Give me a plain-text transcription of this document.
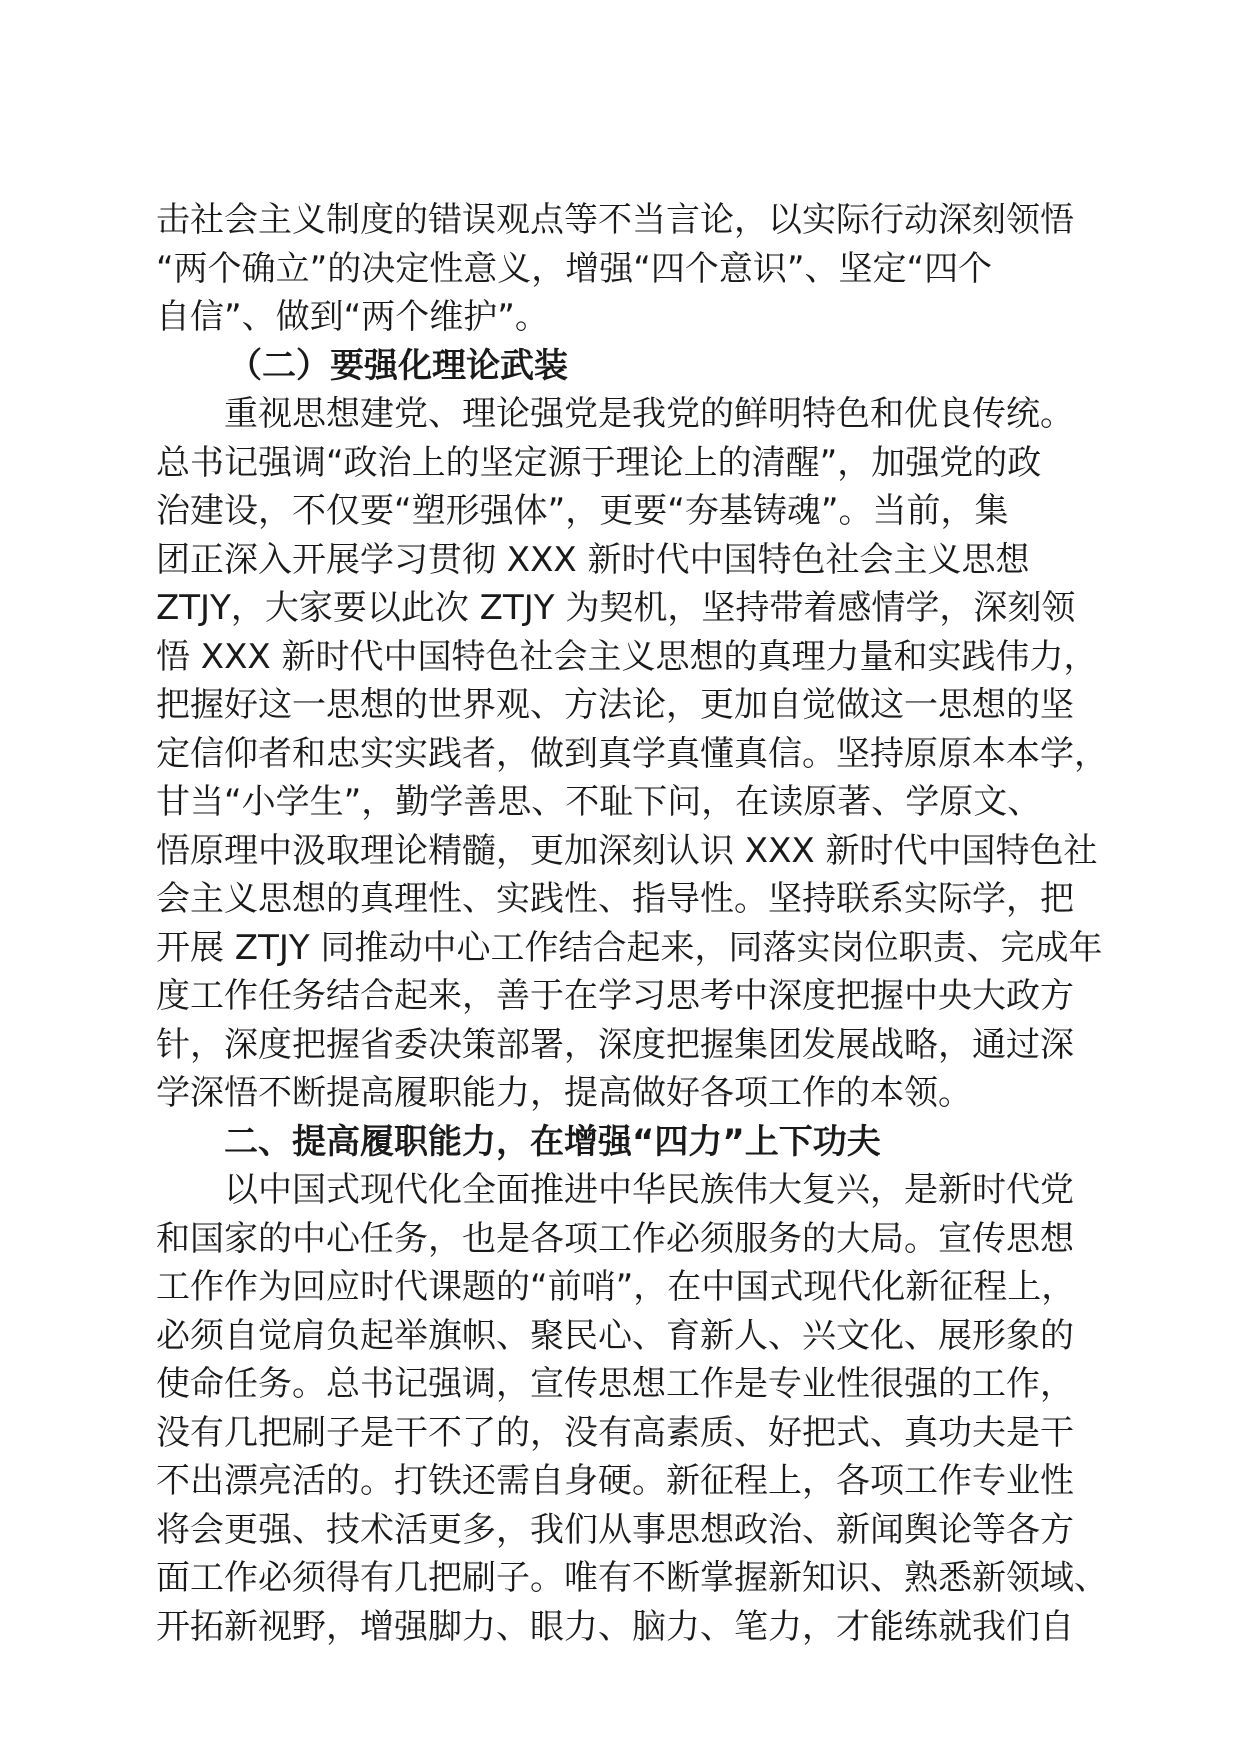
击社会主义制度的错误观点等不当言论，以实际行动深刻领悟
“两个确立”的决定性意义，增强“四个意识”、坚定“四个
自信”、做到“两个维护”。
（二）要强化理论武装
重视思想建党、理论强党是我党的鲜明特色和优良传统。
总书记强调“政治上的坚定源于理论上的清醒”，加强党的政
治建设，不仅要“塑形强体”，更要“夯基铸魂”。当前，集
团正深入开展学习贯彻 XXX 新时代中国特色社会主义思想
ZTJY，大家要以此次 ZTJY 为契机，坚持带着感情学，深刻领
悟 XXX 新时代中国特色社会主义思想的真理力量和实践伟力，
把握好这一思想的世界观、方法论，更加自觉做这一思想的坚
定信仰者和忠实实践者，做到真学真懂真信。坚持原原本本学，
甘当“小学生”，勤学善思、不耻下问，在读原著、学原文、
悟原理中汲取理论精髓，更加深刻认识 XXX 新时代中国特色社
会主义思想的真理性、实践性、指导性。坚持联系实际学，把
开展 ZTJY 同推动中心工作结合起来，同落实岗位职责、完成年
度工作任务结合起来，善于在学习思考中深度把握中央大政方
针，深度把握省委决策部署，深度把握集团发展战略，通过深
学深悟不断提高履职能力，提高做好各项工作的本领。
二、提高履职能力，在增强“四力”上下功夫
以中国式现代化全面推进中华民族伟大复兴，是新时代党
和国家的中心任务，也是各项工作必须服务的大局。宣传思想
工作作为回应时代课题的“前哨”，在中国式现代化新征程上，
必须自觉肩负起举旗帜、聚民心、育新人、兴文化、展形象的
使命任务。总书记强调，宣传思想工作是专业性很强的工作，
没有几把刷子是干不了的，没有高素质、好把式、真功夫是干
不出漂亮活的。打铁还需自身硬。新征程上，各项工作专业性
将会更强、技术活更多，我们从事思想政治、新闻舆论等各方
面工作必须得有几把刷子。唯有不断掌握新知识、熟悉新领域、
开拓新视野，增强脚力、眼力、脑力、笔力，才能练就我们自
